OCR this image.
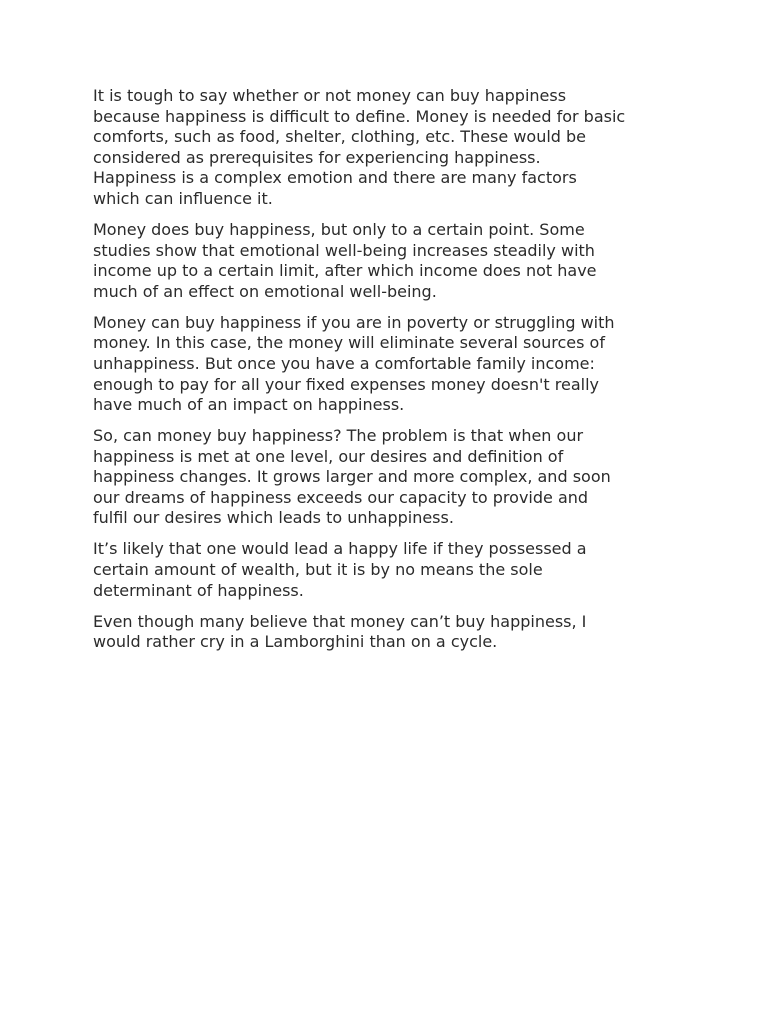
It is tough to say whether or not money can buy happiness
because happiness is difficult to define. Money is needed for basic
comforts, such as food, shelter, clothing, etc. These would be
considered as prerequisites for experiencing happiness.
Happiness is a complex emotion and there are many factors
which can influence it.

Money does buy happiness, but only to a certain point. Some
studies show that emotional well-being increases steadily with
income up to a certain limit, after which income does not have
much of an effect on emotional well-being.

Money can buy happiness if you are in poverty or struggling with
money. In this case, the money will eliminate several sources of
unhappiness. But once you have a comfortable family income:
enough to pay for all your fixed expenses money doesn't really
have much of an impact on happiness.

So, can money buy happiness? The problem is that when our
happiness is met at one level, our desires and definition of
happiness changes. It grows larger and more complex, and soon
our dreams of happiness exceeds our capacity to provide and
fulfil our desires which leads to unhappiness.

It’s likely that one would lead a happy life if they possessed a
certain amount of wealth, but it is by no means the sole
determinant of happiness.

Even though many believe that money can’t buy happiness, I
would rather cry in a Lamborghini than on a cycle.
